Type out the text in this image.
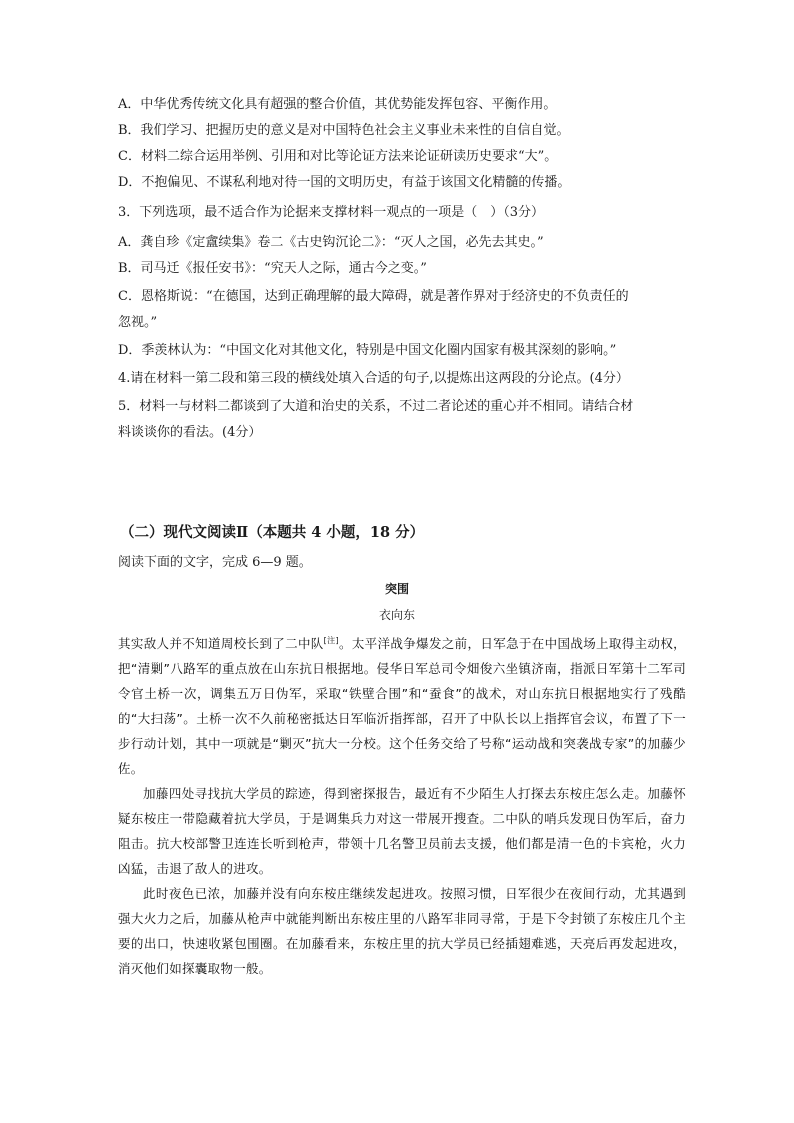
A．中华优秀传统文化具有超强的整合价值，其优势能发挥包容、平衡作用。
B．我们学习、把握历史的意义是对中国特色社会主义事业未来性的自信自觉。
C．材料二综合运用举例、引用和对比等论证方法来论证研读历史要求“大”。
D．不抱偏见、不谋私利地对待一国的文明历史，有益于该国文化精髓的传播。
3．下列选项，最不适合作为论据来支撑材料一观点的一项是（　）（3分）
A．龚自珍《定盦续集》卷二《古史钩沉论二》：“灭人之国，必先去其史。”
B．司马迁《报任安书》：“究天人之际，通古今之变。”
C．恩格斯说：“在德国，达到正确理解的最大障碍，就是著作界对于经济史的不负责任的
忽视。”
D．季羡林认为：“中国文化对其他文化，特别是中国文化圈内国家有极其深刻的影响。”
4.请在材料一第二段和第三段的横线处填入合适的句子,以提炼出这两段的分论点。(4分）
5．材料一与材料二都谈到了大道和治史的关系，不过二者论述的重心并不相同。请结合材
料谈谈你的看法。(4分）
（二）现代文阅读Ⅱ（本题共 4 小题，18 分）
阅读下面的文字，完成 6—9 题。
突围
衣向东
其实敌人并不知道周校长到了二中队[注]。太平洋战争爆发之前，日军急于在中国战场上取得主动权，把“清剿”八路军的重点放在山东抗日根据地。侵华日军总司令畑俊六坐镇济南，指派日军第十二军司令官土桥一次，调集五万日伪军，采取“铁壁合围”和“蚕食”的战术，对山东抗日根据地实行了残酷的“大扫荡”。土桥一次不久前秘密抵达日军临沂指挥部，召开了中队长以上指挥官会议，布置了下一步行动计划，其中一项就是“剿灭”抗大一分校。这个任务交给了号称“运动战和突袭战专家”的加藤少佐。
加藤四处寻找抗大学员的踪迹，得到密探报告，最近有不少陌生人打探去东桉庄怎么走。加藤怀疑东桉庄一带隐藏着抗大学员，于是调集兵力对这一带展开搜查。二中队的哨兵发现日伪军后，奋力阻击。抗大校部警卫连连长听到枪声，带领十几名警卫员前去支援，他们都是清一色的卡宾枪，火力凶猛，击退了敌人的进攻。
此时夜色已浓，加藤并没有向东桉庄继续发起进攻。按照习惯，日军很少在夜间行动，尤其遇到强大火力之后，加藤从枪声中就能判断出东桉庄里的八路军非同寻常，于是下令封锁了东桉庄几个主要的出口，快速收紧包围圈。在加藤看来，东桉庄里的抗大学员已经插翅难逃，天亮后再发起进攻，消灭他们如探囊取物一般。
